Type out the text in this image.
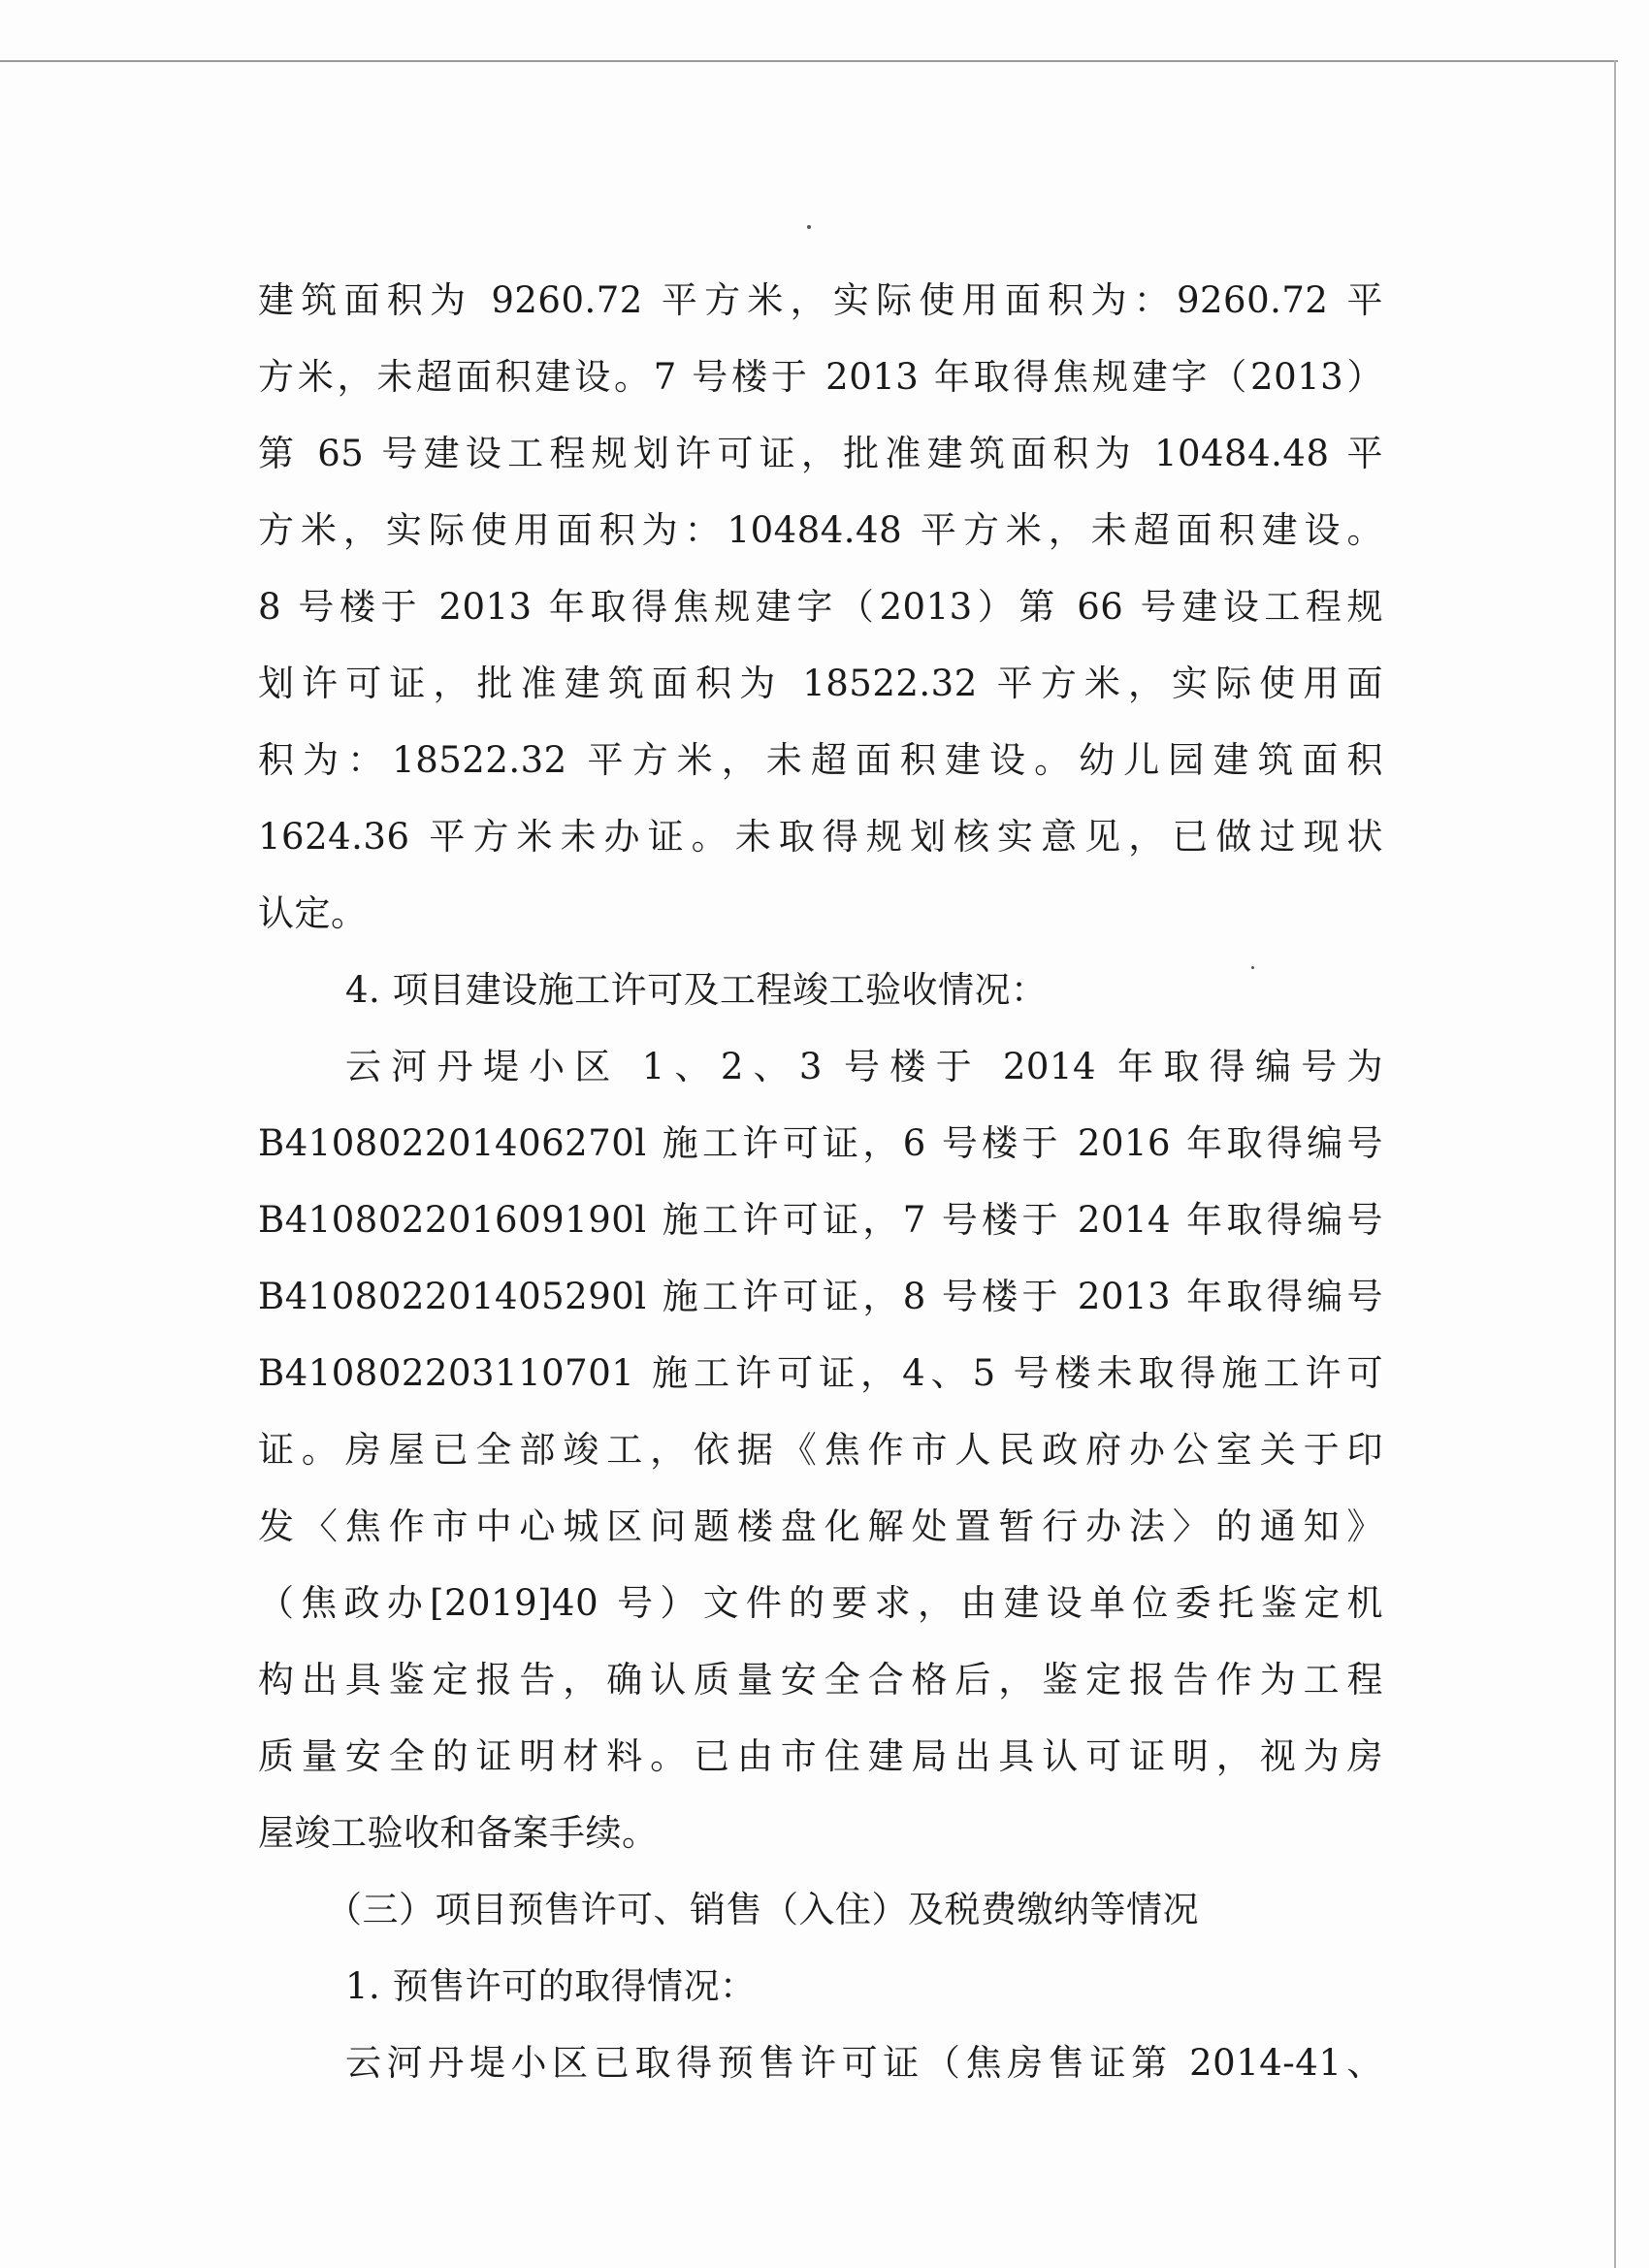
建筑面积为 9260.72 平方米，实际使用面积为：9260.72 平
方米，未超面积建设。7 号楼于 2013 年取得焦规建字（2013）
第 65 号建设工程规划许可证，批准建筑面积为 10484.48 平
方米，实际使用面积为：10484.48 平方米，未超面积建设。
8 号楼于 2013 年取得焦规建字（2013）第 66 号建设工程规
划许可证，批准建筑面积为 18522.32 平方米，实际使用面
积为：18522.32 平方米，未超面积建设。幼儿园建筑面积
1624.36 平方米未办证。未取得规划核实意见，已做过现状
认定。
4. 项目建设施工许可及工程竣工验收情况：
云河丹堤小区 1、2、3 号楼于 2014 年取得编号为
B410802201406270l 施工许可证，6 号楼于 2016 年取得编号
B410802201609190l 施工许可证，7 号楼于 2014 年取得编号
B410802201405290l 施工许可证，8 号楼于 2013 年取得编号
B410802203110701 施工许可证，4、5 号楼未取得施工许可
证。房屋已全部竣工，依据《焦作市人民政府办公室关于印
发〈焦作市中心城区问题楼盘化解处置暂行办法〉的通知》
（焦政办[2019]40 号）文件的要求，由建设单位委托鉴定机
构出具鉴定报告，确认质量安全合格后，鉴定报告作为工程
质量安全的证明材料。已由市住建局出具认可证明，视为房
屋竣工验收和备案手续。
（三）项目预售许可、销售（入住）及税费缴纳等情况
1. 预售许可的取得情况：
云河丹堤小区已取得预售许可证（焦房售证第 2014-41、
